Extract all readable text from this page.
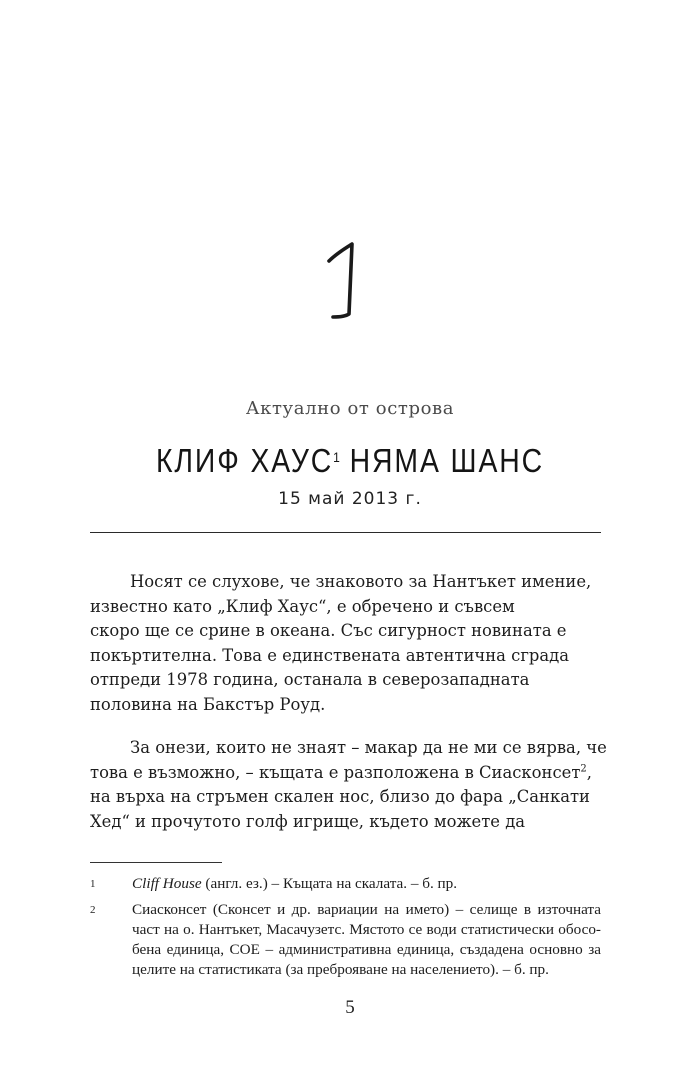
Актуално от острова
КЛИФ ХАУС$^1$ НЯМА ШАНС
15 май 2013 г.

Носят се слухове, че знаковото за Нантъкет имение,
известно като „Клиф Хаус“, е обречено и съвсем
скоро ще се срине в океана. Със сигурност новината е
покъртителна. Това е единствената автентична сграда
отпреди 1978 година, останала в северозападната
половина на Бакстър Роуд.

За онези, които не знаят – макар да не ми се вярва, че
това е възможно, – къщата е разположена в Сиасконсет$^2$,
на върха на стръмен скален нос, близо до фара „Санкати
Хед“ и прочутото голф игрище, където можете да

1 Cliff House (англ. ез.) – Къщата на скалата. – б. пр.
2 Сиасконсет (Сконсет и др. вариации на името) – селище в източната
част на о. Нантъкет, Масачузетс. Мястото се води статистически обосо-
бена единица, СОЕ – административна единица, създадена основно за
целите на статистиката (за преброяване на населението). – б. пр.
5
